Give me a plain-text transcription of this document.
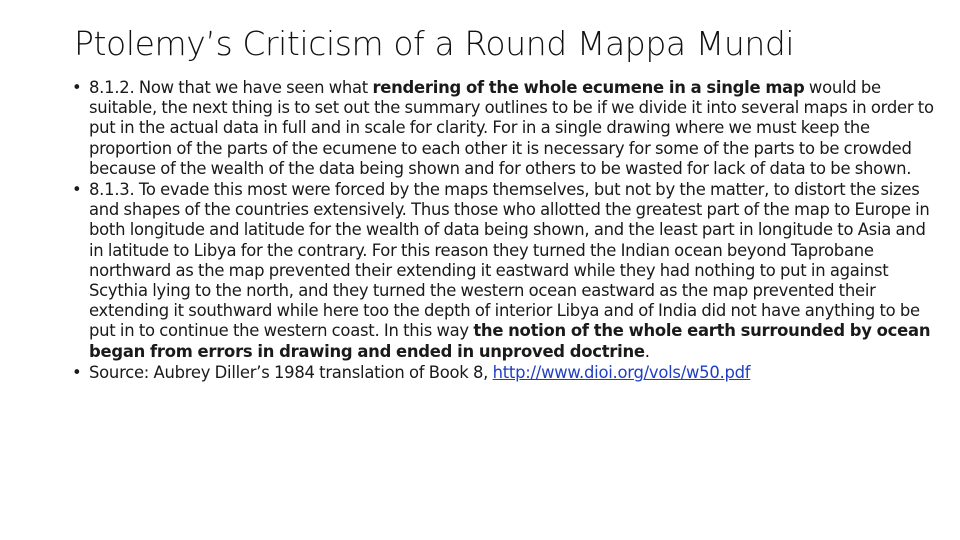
Ptolemy’s Criticism of a Round Mappa Mundi
• 8.1.2. Now that we have seen what rendering of the whole ecumene in a single map would be suitable, the next thing is to set out the summary outlines to be if we divide it into several maps in order to put in the actual data in full and in scale for clarity. For in a single drawing where we must keep the proportion of the parts of the ecumene to each other it is necessary for some of the parts to be crowded because of the wealth of the data being shown and for others to be wasted for lack of data to be shown.
• 8.1.3. To evade this most were forced by the maps themselves, but not by the matter, to distort the sizes and shapes of the countries extensively. Thus those who allotted the greatest part of the map to Europe in both longitude and latitude for the wealth of data being shown, and the least part in longitude to Asia and in latitude to Libya for the contrary. For this reason they turned the Indian ocean beyond Taprobane northward as the map prevented their extending it eastward while they had nothing to put in against Scythia lying to the north, and they turned the western ocean eastward as the map prevented their extending it southward while here too the depth of interior Libya and of India did not have anything to be put in to continue the western coast. In this way the notion of the whole earth surrounded by ocean began from errors in drawing and ended in unproved doctrine.
• Source: Aubrey Diller’s 1984 translation of Book 8, http://www.dioi.org/vols/w50.pdf
